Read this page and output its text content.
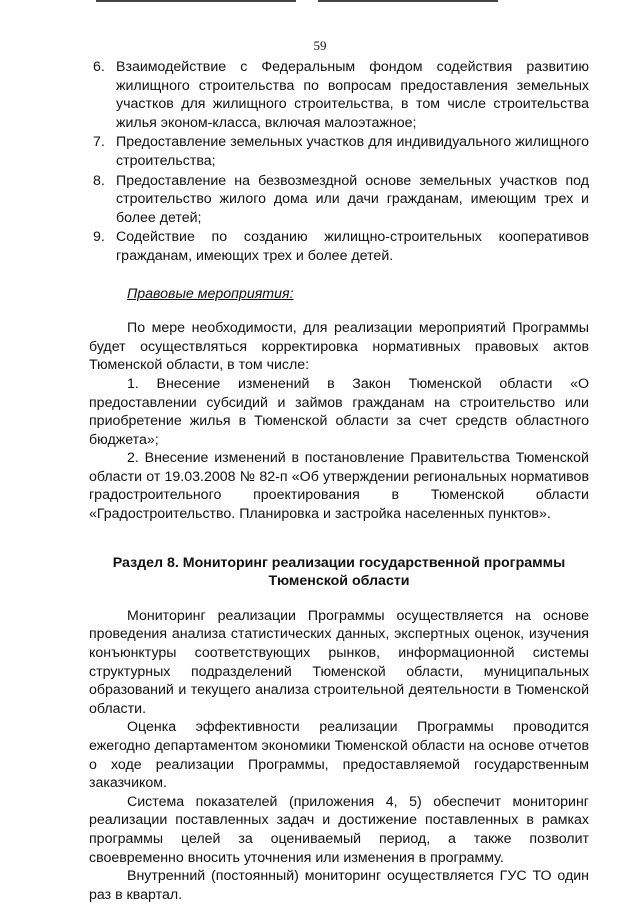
59
6. Взаимодействие с Федеральным фондом содействия развитию жилищного строительства по вопросам предоставления земельных участков для жилищного строительства, в том числе строительства жилья эконом-класса, включая малоэтажное;
7. Предоставление земельных участков для индивидуального жилищного строительства;
8. Предоставление на безвозмездной основе земельных участков под строительство жилого дома или дачи гражданам, имеющим трех и более детей;
9. Содействие по созданию жилищно-строительных кооперативов гражданам, имеющих трех и более детей.
Правовые мероприятия:

По мере необходимости, для реализации мероприятий Программы будет осуществляться корректировка нормативных правовых актов Тюменской области, в том числе:

1. Внесение изменений в Закон Тюменской области «О предоставлении субсидий и займов гражданам на строительство или приобретение жилья в Тюменской области за счет средств областного бюджета»;

2. Внесение изменений в постановление Правительства Тюменской области от 19.03.2008 № 82-п «Об утверждении региональных нормативов градостроительного проектирования в Тюменской области «Градостроительство. Планировка и застройка населенных пунктов».

Раздел 8. Мониторинг реализации государственной программы Тюменской области

Мониторинг реализации Программы осуществляется на основе проведения анализа статистических данных, экспертных оценок, изучения конъюнктуры соответствующих рынков, информационной системы структурных подразделений Тюменской области, муниципальных образований и текущего анализа строительной деятельности в Тюменской области.

Оценка эффективности реализации Программы проводится ежегодно департаментом экономики Тюменской области на основе отчетов о ходе реализации Программы, предоставляемой государственным заказчиком.

Система показателей (приложения 4, 5) обеспечит мониторинг реализации поставленных задач и достижение поставленных в рамках программы целей за оцениваемый период, а также позволит своевременно вносить уточнения или изменения в программу.

Внутренний (постоянный) мониторинг осуществляется ГУС ТО один раз в квартал.
